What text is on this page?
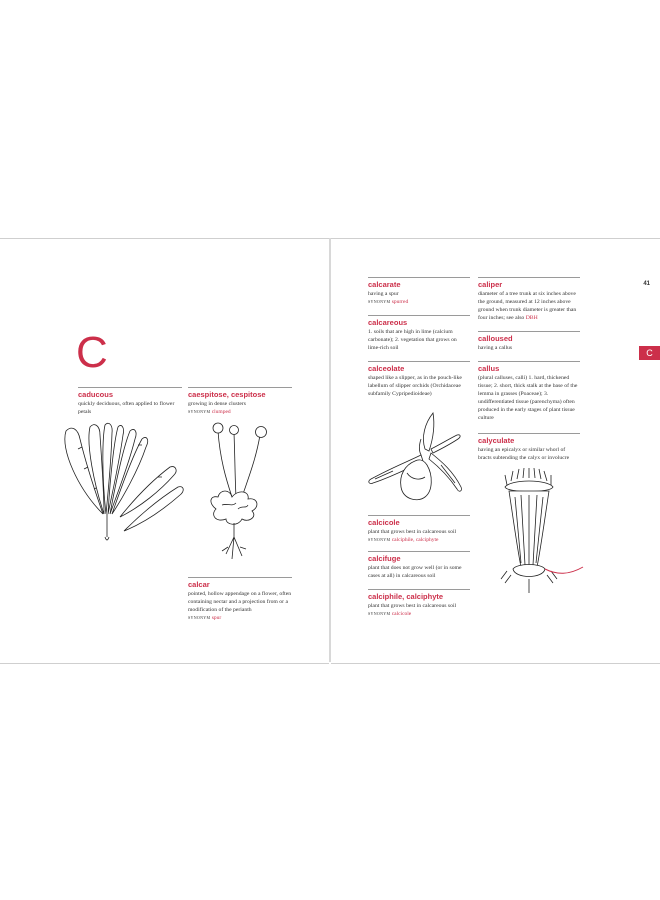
C
caducous
quickly deciduous, often applied to flower petals
caespitose, cespitose
growing in dense clusters
synonym clumped
calcar
pointed, hollow appendage on a flower, often containing nectar and a projection from or a modification of the perianth
synonym spur
41
C
calcarate
having a spur
synonym spurred
calcareous
1. soils that are high in lime (calcium carbonate); 2. vegetation that grows on lime-rich soil
calceolate
shaped like a slipper, as in the pouch-like labellum of slipper orchids (Orchidaceae subfamily Cypripedioideae)
calcicole
plant that grows best in calcareous soil
synonym calciphile, calciphyte
calcifuge
plant that does not grow well (or in some cases at all) in calcareous soil
calciphile, calciphyte
plant that grows best in calcareous soil
synonym calcicole
caliper
diameter of a tree trunk at six inches above the ground, measured at 12 inches above ground when trunk diameter is greater than four inches; see also DBH
calloused
having a callus
callus
(plural calluses, calli) 1. hard, thickened tissue; 2. short, thick stalk at the base of the lemma in grasses (Poaceae); 3. undifferentiated tissue (parenchyma) often produced in the early stages of plant tissue culture
calyculate
having an epicalyx or similar whorl of bracts subtending the calyx or involucre
